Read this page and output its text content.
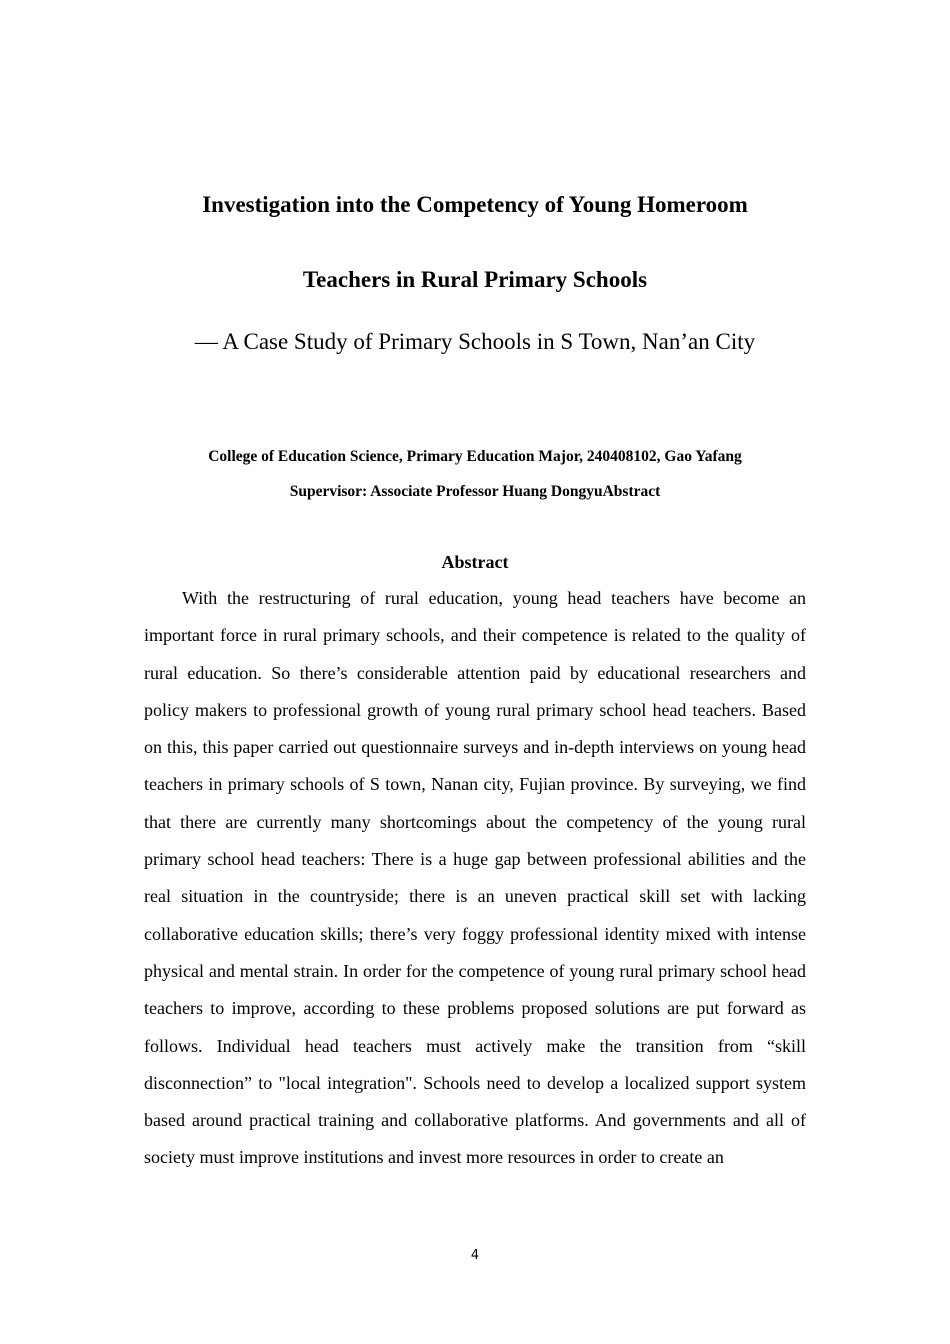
Investigation into the Competency of Young Homeroom
Teachers in Rural Primary Schools
— A Case Study of Primary Schools in S Town, Nan’an City
College of Education Science, Primary Education Major, 240408102, Gao Yafang
Supervisor: Associate Professor Huang DongyuAbstract
Abstract

With the restructuring of rural education, young head teachers have become an important force in rural primary schools, and their competence is related to the quality of rural education. So there’s considerable attention paid by educational researchers and policy makers to professional growth of young rural primary school head teachers. Based on this, this paper carried out questionnaire surveys and in-depth interviews on young head teachers in primary schools of S town, Nanan city, Fujian province. By surveying, we find that there are currently many shortcomings about the competency of the young rural primary school head teachers: There is a huge gap between professional abilities and the real situation in the countryside; there is an uneven practical skill set with lacking collaborative education skills; there’s very foggy professional identity mixed with intense physical and mental strain. In order for the competence of young rural primary school head teachers to improve, according to these problems proposed solutions are put forward as follows. Individual head teachers must actively make the transition from “skill disconnection” to "local integration". Schools need to develop a localized support system based around practical training and collaborative platforms. And governments and all of society must improve institutions and invest more resources in order to create an

4
